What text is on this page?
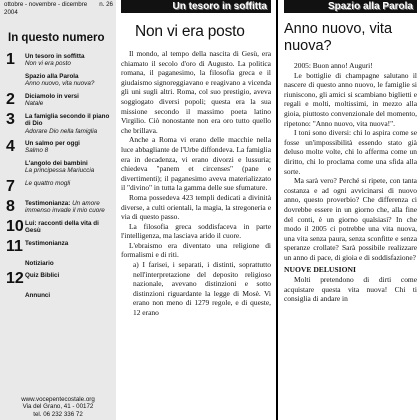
ottobre - novembre - dicembre
2004
n. 26
In questo numero
1	Un tesoro in soffitta
Non vi era posto
Spazio alla Parola
Anno nuovo, vita nuova?
2	Diciamolo in versi
Natale
3	La famiglia secondo il piano di Dio
Adorare Dio nella famiglia
4	Un salmo per oggi
Salmo 8
L'angolo dei bambini
La principessa Mariuccia
7	Le quattro mogli
8	Testimonianza: Un amore immenso invade il mio cuore
10 Lui: racconti della vita di Gesù
11 Testimonianza
Notiziario
12 Quiz Biblici
Annunci
www.vocepentecostale.org
Via del Grano, 41 - 00172
tel. 06 232 336 72
Un tesoro in soffitta
Non vi era posto

Il mondo, al tempo della nascita di Gesù, era chiamato il secolo d'oro di Augusto. La politica romana, il paganesimo, la filosofia greca e il giudaismo signoreggiavano e reagivano a vicenda gli uni sugli altri. Roma, col suo prestigio, aveva soggiogato diversi popoli; questa era la sua missione secondo il massimo poeta latino Virgilio. Ciò nonostante non era oro tutto quello che brillava.

Anche a Roma vi erano delle macchie nella luce abbagliante de l'Urbe diffondeva. La famiglia era in decadenza, vi erano divorzi e lussuria; chiedeva "panem et circenses" (pane e divertimenti); il paganesimo aveva materializzato il "divino" in tutta la gamma delle sue sfumature.

Roma possedeva 423 templi dedicati a divinità diverse, a culti orientali, la magia, la stregoneria e via di questo passo.

La filosofia greca soddisfaceva in parte l'intelligenza, ma lasciava arido il cuore.

L'ebraismo era diventato una religione di formalismi e di riti.

a) I farisei, i separati, i distinti, soprattutto nell'interpretazione del deposito religioso nazionale, avevano distinzioni e sotto distinzioni riguardante la legge di Mosè. Vi erano non meno di 1279 regole, e di queste, 12 erano
Spazio alla Parola
Anno nuovo, vita nuova?

2005: Buon anno! Auguri!

Le bottiglie di champagne salutano il nascere di questo anno nuovo, le famiglie si riuniscono, gli amici si scambiano biglietti e regali e molti, moltissimi, in mezzo alla gioia, piuttosto convenzionale del momento, ripetono: "Anno nuovo, vita nuova!".

I toni sono diversi: chi lo aspira come se fosse un'impossibilità essendo stato già deluso molte volte, chi lo afferma come un diritto, chi lo proclama come una sfida alla sorte.

Ma sarà vero? Perché si ripete, con tanta costanza e ad ogni avvicinarsi di nuovo anno, questo proverbio? Che differenza ci dovrebbe essere in un giorno che, alla fine del conti, è un giorno qualsiasi? In che modo il 2005 ci potrebbe una vita nuova, una vita senza paura, senza sconfitte e senza speranze crollate? Sarà possibile realizzare un anno di pace, di gioia e di soddisfazione?

NUOVE DELUSIONI

Molti pretendono di dirti come acquistare questa vita nuova! Chi ti consiglia di andare in
